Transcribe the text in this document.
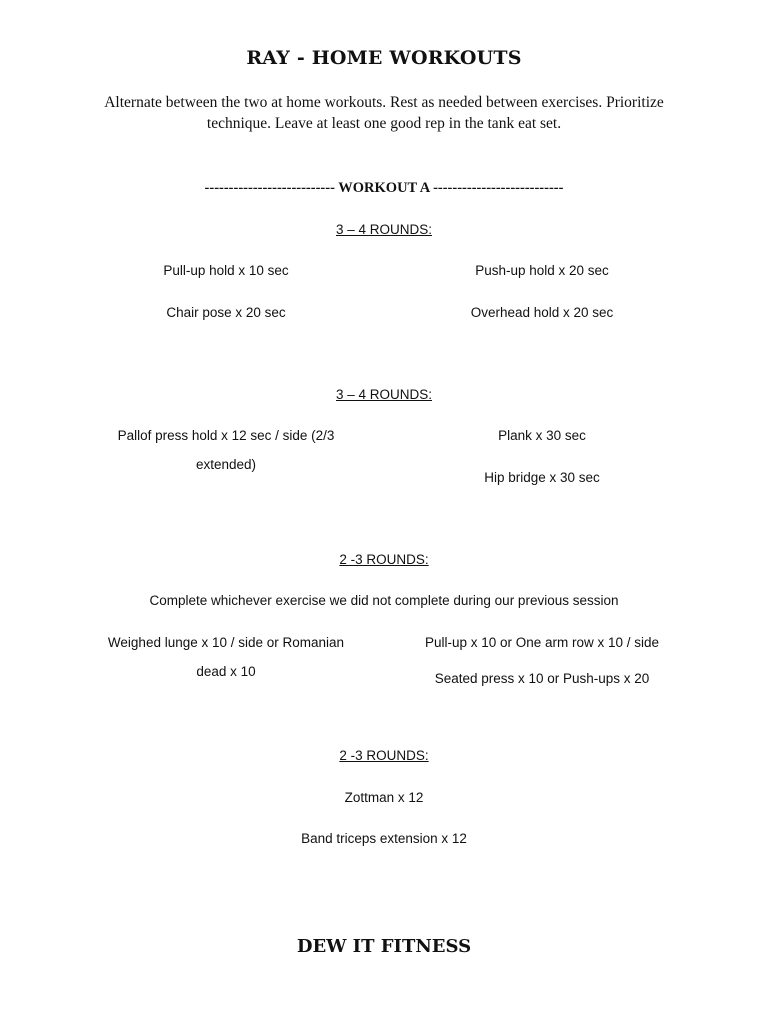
RAY - HOME WORKOUTS
Alternate between the two at home workouts. Rest as needed between exercises. Prioritize technique. Leave at least one good rep in the tank eat set.
--------------------------- WORKOUT A ---------------------------
3 – 4 ROUNDS:
Pull-up hold x 10 sec	Push-up hold x 20 sec
Chair pose x 20 sec	Overhead hold x 20 sec
3 – 4 ROUNDS:
Pallof press hold x 12 sec / side (2/3 extended)
Plank x 30 sec
Hip bridge x 30 sec
2 -3 ROUNDS:
Complete whichever exercise we did not complete during our previous session
Weighed lunge x 10 / side or Romanian dead x 10
Pull-up x 10 or One arm row x 10 / side
Seated press x 10 or Push-ups x 20
2 -3 ROUNDS:
Zottman x 12
Band triceps extension x 12
DEW IT FITNESS
